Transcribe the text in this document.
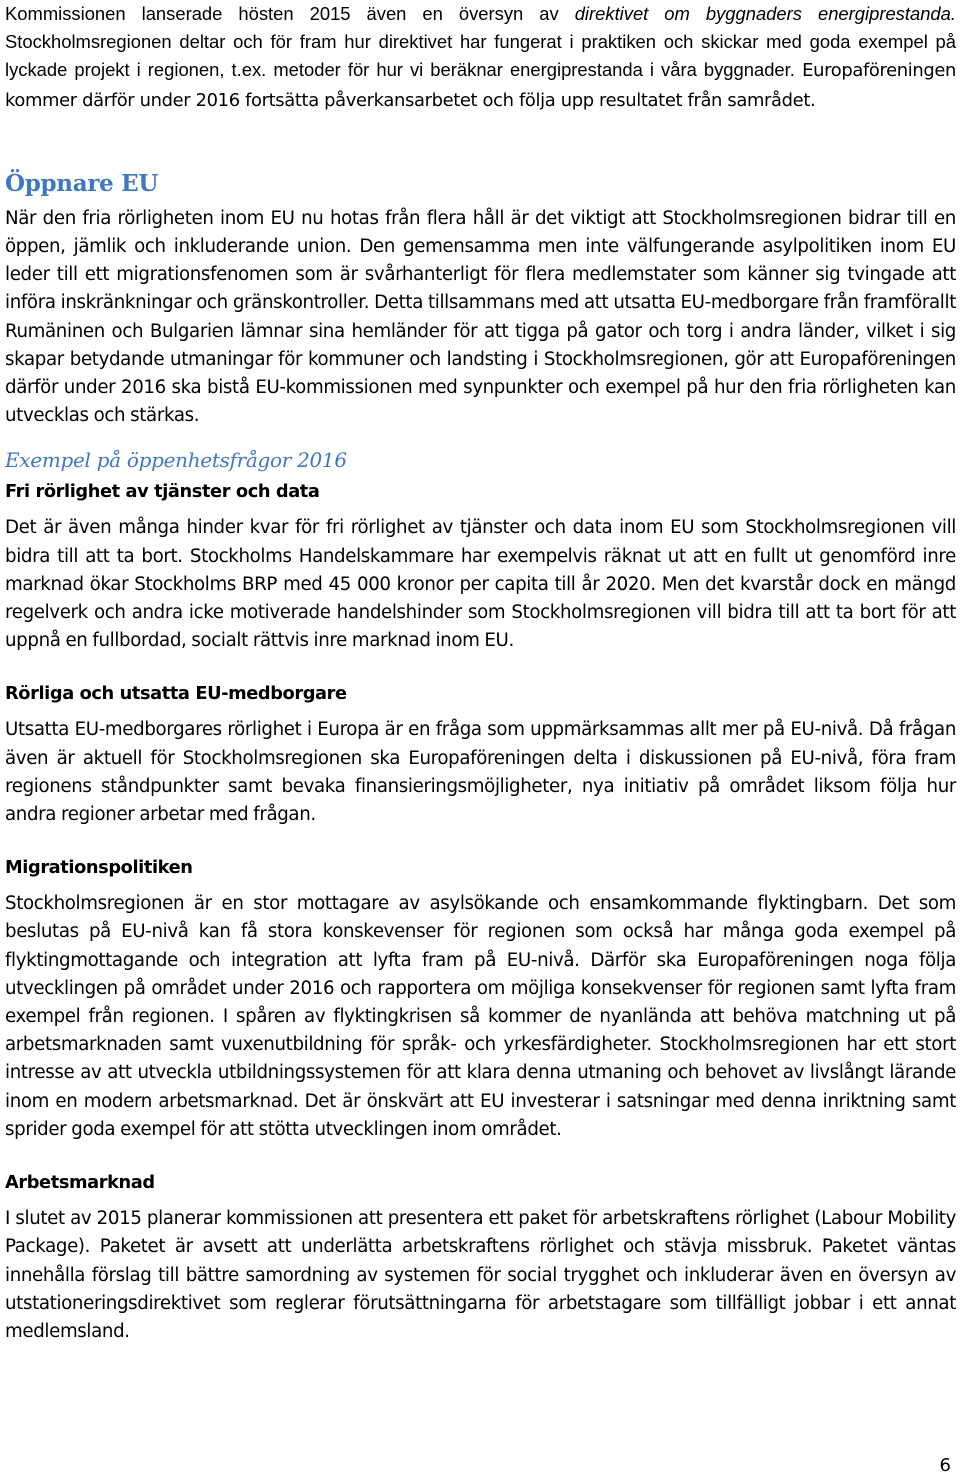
Kommissionen lanserade hösten 2015 även en översyn av direktivet om byggnaders energiprestanda. Stockholmsregionen deltar och för fram hur direktivet har fungerat i praktiken och skickar med goda exempel på lyckade projekt i regionen, t.ex. metoder för hur vi beräknar energiprestanda i våra byggnader. Europaföreningen kommer därför under 2016 fortsätta påverkansarbetet och följa upp resultatet från samrådet.

Öppnare EU

När den fria rörligheten inom EU nu hotas från flera håll är det viktigt att Stockholmsregionen bidrar till en öppen, jämlik och inkluderande union. Den gemensamma men inte välfungerande asylpolitiken inom EU leder till ett migrationsfenomen som är svårhanterligt för flera medlemstater som känner sig tvingade att införa inskränkningar och gränskontroller. Detta tillsammans med att utsatta EU-medborgare från framförallt Rumäninen och Bulgarien lämnar sina hemländer för att tigga på gator och torg i andra länder, vilket i sig skapar betydande utmaningar för kommuner och landsting i Stockholmsregionen, gör att Europaföreningen därför under 2016 ska bistå EU-kommissionen med synpunkter och exempel på hur den fria rörligheten kan utvecklas och stärkas.

Exempel på öppenhetsfrågor 2016
Fri rörlighet av tjänster och data

Det är även många hinder kvar för fri rörlighet av tjänster och data inom EU som Stockholmsregionen vill bidra till att ta bort. Stockholms Handelskammare har exempelvis räknat ut att en fullt ut genomförd inre marknad ökar Stockholms BRP med 45 000 kronor per capita till år 2020. Men det kvarstår dock en mängd regelverk och andra icke motiverade handelshinder som Stockholmsregionen vill bidra till att ta bort för att uppnå en fullbordad, socialt rättvis inre marknad inom EU.

Rörliga och utsatta EU-medborgare

Utsatta EU-medborgares rörlighet i Europa är en fråga som uppmärksammas allt mer på EU-nivå. Då frågan även är aktuell för Stockholmsregionen ska Europaföreningen delta i diskussionen på EU-nivå, föra fram regionens ståndpunkter samt bevaka finansieringsmöjligheter, nya initiativ på området liksom följa hur andra regioner arbetar med frågan.

Migrationspolitiken

Stockholmsregionen är en stor mottagare av asylsökande och ensamkommande flyktingbarn. Det som beslutas på EU-nivå kan få stora konskevenser för regionen som också har många goda exempel på flyktingmottagande och integration att lyfta fram på EU-nivå. Därför ska Europaföreningen noga följa utvecklingen på området under 2016 och rapportera om möjliga konsekvenser för regionen samt lyfta fram exempel från regionen. I spåren av flyktingkrisen så kommer de nyanlända att behöva matchning ut på arbetsmarknaden samt vuxenutbildning för språk- och yrkesfärdigheter. Stockholmsregionen har ett stort intresse av att utveckla utbildningssystemen för att klara denna utmaning och behovet av livslångt lärande inom en modern arbetsmarknad. Det är önskvärt att EU investerar i satsningar med denna inriktning samt sprider goda exempel för att stötta utvecklingen inom området.

Arbetsmarknad

I slutet av 2015 planerar kommissionen att presentera ett paket för arbetskraftens rörlighet (Labour Mobility Package). Paketet är avsett att underlätta arbetskraftens rörlighet och stävja missbruk. Paketet väntas innehålla förslag till bättre samordning av systemen för social trygghet och inkluderar även en översyn av utstationeringsdirektivet som reglerar förutsättningarna för arbetstagare som tillfälligt jobbar i ett annat medlemsland.

6
